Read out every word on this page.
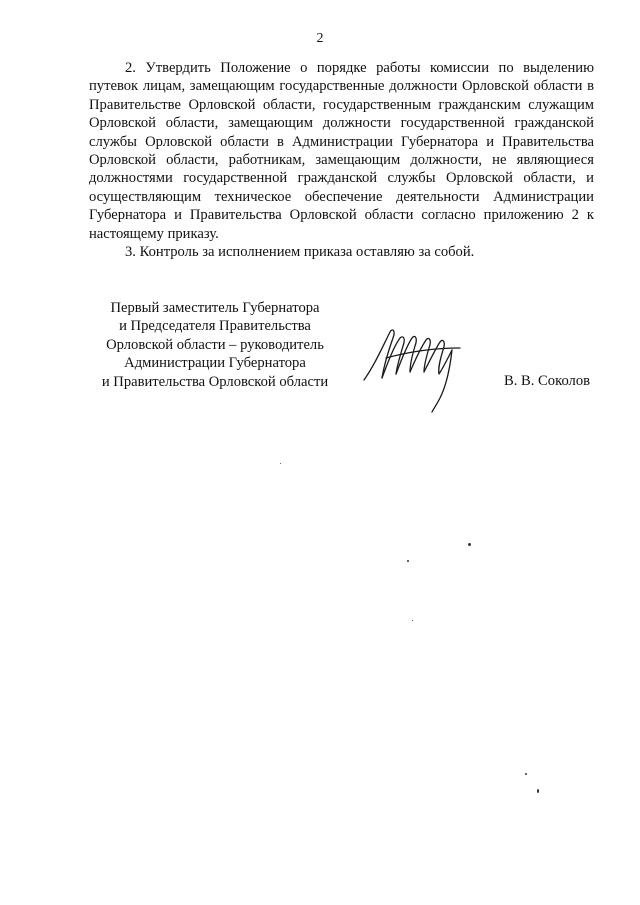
2

2. Утвердить Положение о порядке работы комиссии по выделению путевок лицам, замещающим государственные должности Орловской области в Правительстве Орловской области, государственным гражданским служащим Орловской области, замещающим должности государственной гражданской службы Орловской области в Администрации Губернатора и Правительства Орловской области, работникам, замещающим должности, не являющиеся должностями государственной гражданской службы Орловской области, и осуществляющим техническое обеспечение деятельности Администрации Губернатора и Правительства Орловской области согласно приложению 2 к настоящему приказу.

3. Контроль за исполнением приказа оставляю за собой.

Первый заместитель Губернатора
и Председателя Правительства
Орловской области – руководитель
Администрации Губернатора
и Правительства Орловской области	В. В. Соколов
